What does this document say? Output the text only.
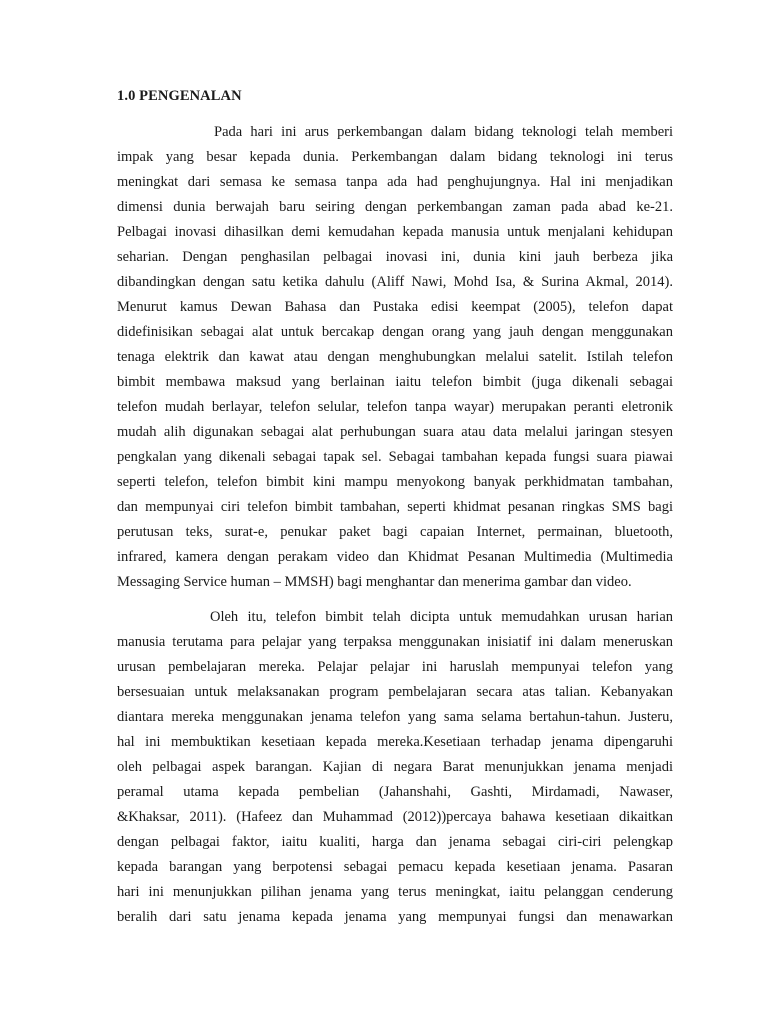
1.0 PENGENALAN
Pada hari ini arus perkembangan dalam bidang teknologi telah memberi
impak yang besar kepada dunia. Perkembangan dalam bidang teknologi ini terus
meningkat dari semasa ke semasa tanpa ada had penghujungnya. Hal ini menjadikan
dimensi dunia berwajah baru seiring dengan perkembangan zaman pada abad ke-21.
Pelbagai inovasi dihasilkan demi kemudahan kepada manusia untuk menjalani kehidupan
seharian. Dengan penghasilan pelbagai inovasi ini, dunia kini jauh berbeza jika
dibandingkan dengan satu ketika dahulu (Aliff Nawi, Mohd Isa, & Surina Akmal, 2014).
Menurut kamus Dewan Bahasa dan Pustaka edisi keempat (2005), telefon dapat
didefinisikan sebagai alat untuk bercakap dengan orang yang jauh dengan menggunakan
tenaga elektrik dan kawat atau dengan menghubungkan melalui satelit. Istilah telefon
bimbit membawa maksud yang berlainan iaitu telefon bimbit (juga dikenali sebagai
telefon mudah berlayar, telefon selular, telefon tanpa wayar) merupakan peranti eletronik
mudah alih digunakan sebagai alat perhubungan suara atau data melalui jaringan stesyen
pengkalan yang dikenali sebagai tapak sel. Sebagai tambahan kepada fungsi suara piawai
seperti telefon, telefon bimbit kini mampu menyokong banyak perkhidmatan tambahan,
dan mempunyai ciri telefon bimbit tambahan, seperti khidmat pesanan ringkas SMS bagi
perutusan teks, surat-e, penukar paket bagi capaian Internet, permainan, bluetooth,
infrared, kamera dengan perakam video dan Khidmat Pesanan Multimedia (Multimedia
Messaging Service human – MMSH) bagi menghantar dan menerima gambar dan video.
Oleh itu, telefon bimbit telah dicipta untuk memudahkan urusan harian
manusia terutama para pelajar yang terpaksa menggunakan inisiatif ini dalam meneruskan
urusan pembelajaran mereka. Pelajar pelajar ini haruslah mempunyai telefon yang
bersesuaian untuk melaksanakan program pembelajaran secara atas talian. Kebanyakan
diantara mereka menggunakan jenama telefon yang sama selama bertahun-tahun. Justeru,
hal ini membuktikan kesetiaan kepada mereka.Kesetiaan terhadap jenama dipengaruhi
oleh pelbagai aspek barangan. Kajian di negara Barat menunjukkan jenama menjadi
peramal utama kepada pembelian (Jahanshahi, Gashti, Mirdamadi, Nawaser,
&Khaksar, 2011). (Hafeez dan Muhammad (2012))percaya bahawa kesetiaan dikaitkan
dengan pelbagai faktor, iaitu kualiti, harga dan jenama sebagai ciri-ciri pelengkap
kepada barangan yang berpotensi sebagai pemacu kepada kesetiaan jenama. Pasaran
hari ini menunjukkan pilihan jenama yang terus meningkat, iaitu pelanggan cenderung
beralih dari satu jenama kepada jenama yang mempunyai fungsi dan menawarkan
